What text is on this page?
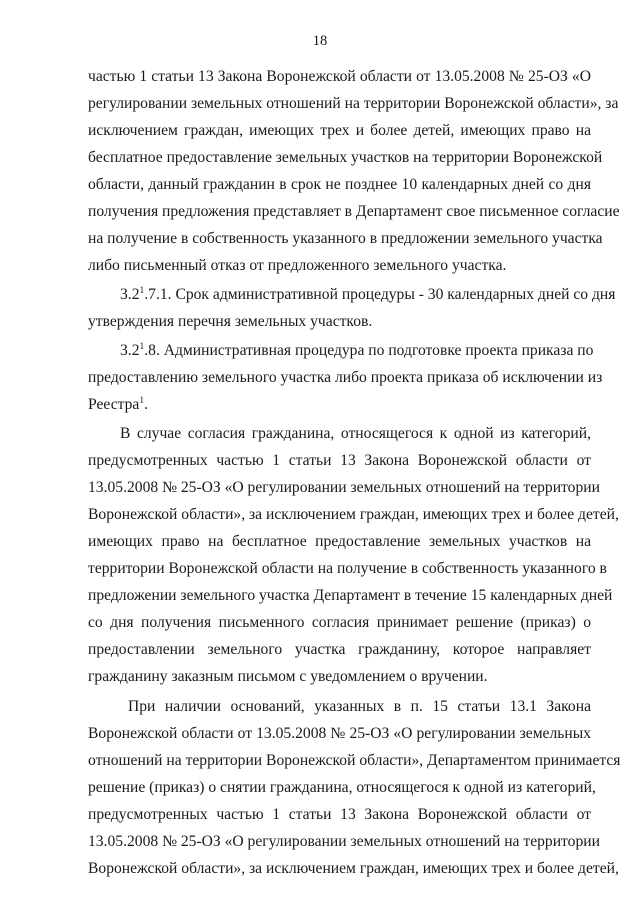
18
частью 1 статьи 13 Закона Воронежской области от 13.05.2008 № 25-ОЗ «О
регулировании земельных отношений на территории Воронежской области», за
исключением граждан, имеющих трех и более детей, имеющих право на
бесплатное предоставление земельных участков на территории Воронежской
области, данный гражданин в срок не позднее 10 календарных дней со дня
получения предложения представляет в Департамент свое письменное согласие
на получение в собственность указанного в предложении земельного участка
либо письменный отказ от предложенного земельного участка.
$3.2^1.7.1$. Срок административной процедуры - 30 календарных дней со дня
утверждения перечня земельных участков.
$3.2^1.8$. Административная процедура по подготовке проекта приказа по
предоставлению земельного участка либо проекта приказа об исключении из
Реестра$^1$.
В случае согласия гражданина, относящегося к одной из категорий,
предусмотренных частью 1 статьи 13 Закона Воронежской области от
13.05.2008 № 25-ОЗ «О регулировании земельных отношений на территории
Воронежской области», за исключением граждан, имеющих трех и более детей,
имеющих право на бесплатное предоставление земельных участков на
территории Воронежской области на получение в собственность указанного в
предложении земельного участка Департамент в течение 15 календарных дней
со дня получения письменного согласия принимает решение (приказ) о
предоставлении земельного участка гражданину, которое направляет
гражданину заказным письмом с уведомлением о вручении.
При наличии оснований, указанных в п. 15 статьи 13.1 Закона
Воронежской области от 13.05.2008 № 25-ОЗ «О регулировании земельных
отношений на территории Воронежской области», Департаментом принимается
решение (приказ) о снятии гражданина, относящегося к одной из категорий,
предусмотренных частью 1 статьи 13 Закона Воронежской области от
13.05.2008 № 25-ОЗ «О регулировании земельных отношений на территории
Воронежской области», за исключением граждан, имеющих трех и более детей,
